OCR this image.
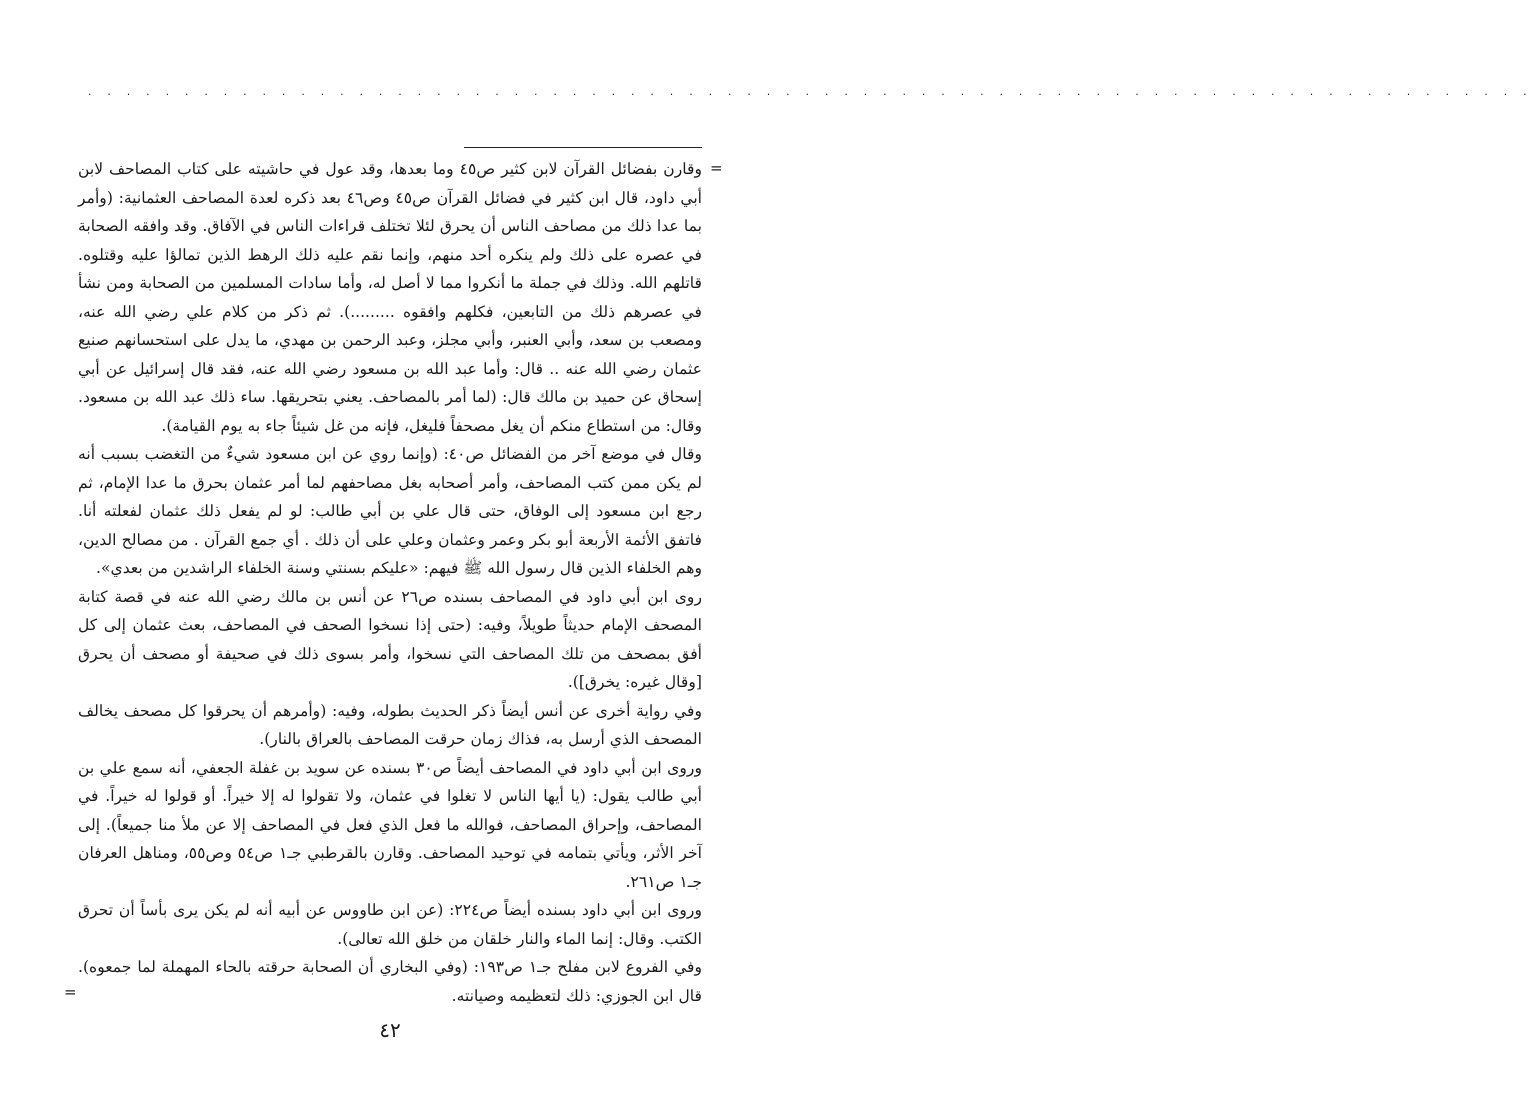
. . . . . . . . . . . . . . . . . . . . . . . . . . . . . . . . . . . . . . . . . . . . . . . . . . . . . . . . . . . . . . . . . . . . . . . . . . .
=

وقارن بفضائل القرآن لابن كثير ص٤٥ وما بعدها، وقد عول في حاشيته على كتاب المصاحف لابن أبي داود، قال ابن كثير في فضائل القرآن ص٤٥ وص٤٦ بعد ذكره لعدة المصاحف العثمانية: (وأمر بما عدا ذلك من مصاحف الناس أن يحرق لئلا تختلف قراءات الناس في الآفاق. وقد وافقه الصحابة في عصره على ذلك ولم ينكره أحد منهم، وإنما نقم عليه ذلك الرهط الذين تمالؤا عليه وقتلوه. قاتلهم الله. وذلك في جملة ما أنكروا مما لا أصل له، وأما سادات المسلمين من الصحابة ومن نشأ في عصرهم ذلك من التابعين، فكلهم وافقوه .........). ثم ذكر من كلام علي رضي الله عنه، ومصعب بن سعد، وأبي العنبر، وأبي مجلز، وعبد الرحمن بن مهدي، ما يدل على استحسانهم صنيع عثمان رضي الله عنه .. قال: وأما عبد الله بن مسعود رضي الله عنه، فقد قال إسرائيل عن أبي إسحاق عن حميد بن مالك قال: (لما أمر بالمصاحف. يعني بتحريقها. ساء ذلك عبد الله بن مسعود. وقال: من استطاع منكم أن يغل مصحفاً فليغل، فإنه من غل شيئاً جاء به يوم القيامة).

وقال في موضع آخر من الفضائل ص٤٠: (وإنما روي عن ابن مسعود شيءٌ من التغضب بسبب أنه لم يكن ممن كتب المصاحف، وأمر أصحابه بغل مصاحفهم لما أمر عثمان بحرق ما عدا الإمام، ثم رجع ابن مسعود إلى الوفاق، حتى قال علي بن أبي طالب: لو لم يفعل ذلك عثمان لفعلته أنا. فاتفق الأئمة الأربعة أبو بكر وعمر وعثمان وعلي على أن ذلك . أي جمع القرآن . من مصالح الدين، وهم الخلفاء الذين قال رسول الله ﷺ فيهم: «عليكم بسنتي وسنة الخلفاء الراشدين من بعدي».

روى ابن أبي داود في المصاحف بسنده ص٢٦ عن أنس بن مالك رضي الله عنه في قصة كتابة المصحف الإمام حديثاً طويلاً، وفيه: (حتى إذا نسخوا الصحف في المصاحف، بعث عثمان إلى كل أفق بمصحف من تلك المصاحف التي نسخوا، وأمر بسوى ذلك في صحيفة أو مصحف أن يحرق [وقال غيره: يخرق]).

وفي رواية أخرى عن أنس أيضاً ذكر الحديث بطوله، وفيه: (وأمرهم أن يحرقوا كل مصحف يخالف المصحف الذي أرسل به، فذاك زمان حرقت المصاحف بالعراق بالنار).

وروى ابن أبي داود في المصاحف أيضاً ص٣٠ بسنده عن سويد بن غفلة الجعفي، أنه سمع علي بن أبي طالب يقول: (يا أيها الناس لا تغلوا في عثمان، ولا تقولوا له إلا خيراً. أو قولوا له خيراً. في المصاحف، وإحراق المصاحف، فوالله ما فعل الذي فعل في المصاحف إلا عن ملأ منا جميعاً). إلى آخر الأثر، ويأتي بتمامه في توحيد المصاحف. وقارن بالقرطبي جـ١ ص٥٤ وص٥٥، ومناهل العرفان جـ١ ص٢٦١.

وروى ابن أبي داود بسنده أيضاً ص٢٢٤: (عن ابن طاووس عن أبيه أنه لم يكن يرى بأساً أن تحرق الكتب. وقال: إنما الماء والنار خلقان من خلق الله تعالى).

وفي الفروع لابن مفلح جـ١ ص١٩٣: (وفي البخاري أن الصحابة حرقته بالحاء المهملة لما جمعوه). قال ابن الجوزي: ذلك لتعظيمه وصيانته.

=
٤٢
